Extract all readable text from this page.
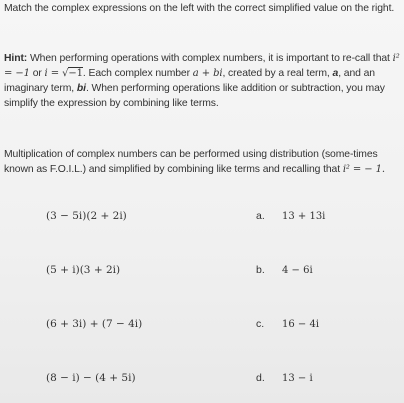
Match the complex expressions on the left with the correct simplified value on the right.

Hint: When performing operations with complex numbers, it is important to re-call that i² = −1 or i = √−1. Each complex number a + bi, created by a real term, a, and an imaginary term, bi. When performing operations like addition or subtraction, you may simplify the expression by combining like terms.

Multiplication of complex numbers can be performed using distribution (some-times known as F.O.I.L.) and simplified by combining like terms and recalling that i² = − 1.

(3 − 5i)(2 + 2i)	a. 13 + 13i
(5 + i)(3 + 2i)	b. 4 − 6i
(6 + 3i) + (7 − 4i)	c. 16 − 4i
(8 − i) − (4 + 5i)	d. 13 − i
